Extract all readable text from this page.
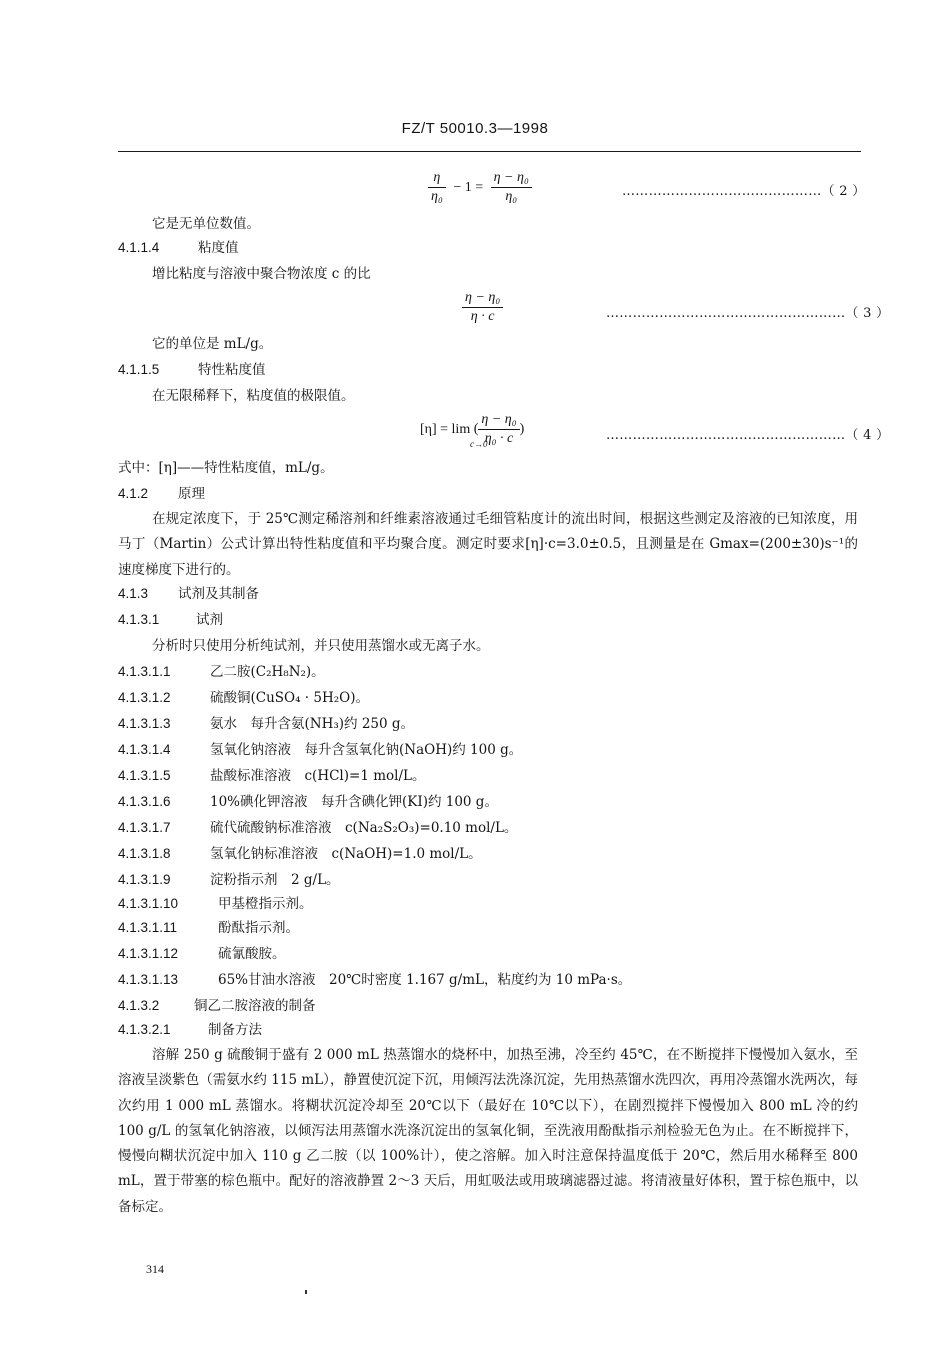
FZ/T 50010.3—1998
$\frac{\eta}{\text{η₀}} - 1 = \frac{\text{η − η₀}}{\text{η₀}}$	………………………………………（ 2 ）
它是无单位数值。
4.1.1.4	粘度值
增比粘度与溶液中聚合物浓度 c 的比
$\frac{\text{η − η₀}}{\eta \cdot c}$	………………………………………………（ 3 ）
它的单位是 mL/g。
4.1.1.5	特性粘度值
在无限稀释下，粘度值的极限值。
[η] = lim
c→0
( $\frac{\text{η − η₀}}{\text{η₀ · c}}$ )	………………………………………………（ 4 ）
式中：[η]——特性粘度值，mL/g。
4.1.2 原理
在规定浓度下，于 25℃测定稀溶剂和纤维素溶液通过毛细管粘度计的流出时间，根据这些测定及溶液的已知浓度，用马丁（Martin）公式计算出特性粘度值和平均聚合度。测定时要求[η]·c=3.0±0.5，且测量是在 Gmax=(200±30)s⁻¹的速度梯度下进行的。
4.1.3 试剂及其制备
4.1.3.1	试剂
分析时只使用分析纯试剂，并只使用蒸馏水或无离子水。
4.1.3.1.1	乙二胺(C₂H₈N₂)。
4.1.3.1.2	硫酸铜(CuSO₄ · 5H₂O)。
4.1.3.1.3	氨水　每升含氨(NH₃)约 250 g。
4.1.3.1.4	氢氧化钠溶液　每升含氢氧化钠(NaOH)约 100 g。
4.1.3.1.5	盐酸标准溶液　c(HCl)=1 mol/L。
4.1.3.1.6	10%碘化钾溶液　每升含碘化钾(KI)约 100 g。
4.1.3.1.7	硫代硫酸钠标准溶液　c(Na₂S₂O₃)=0.10 mol/L。
4.1.3.1.8	氢氧化钠标准溶液　c(NaOH)=1.0 mol/L。
4.1.3.1.9	淀粉指示剂　2 g/L。
4.1.3.1.10	甲基橙指示剂。
4.1.3.1.11	酚酞指示剂。
4.1.3.1.12	硫氰酸胺。
4.1.3.1.13	65%甘油水溶液　20℃时密度 1.167 g/mL，粘度约为 10 mPa·s。
4.1.3.2	铜乙二胺溶液的制备
4.1.3.2.1	制备方法
溶解 250 g 硫酸铜于盛有 2 000 mL 热蒸馏水的烧杯中，加热至沸，冷至约 45℃，在不断搅拌下慢慢加入氨水，至溶液呈淡紫色（需氨水约 115 mL），静置使沉淀下沉，用倾泻法洗涤沉淀，先用热蒸馏水洗四次，再用冷蒸馏水洗两次，每次约用 1 000 mL 蒸馏水。将糊状沉淀冷却至 20℃以下（最好在 10℃以下），在剧烈搅拌下慢慢加入 800 mL 冷的约 100 g/L 的氢氧化钠溶液，以倾泻法用蒸馏水洗涤沉淀出的氢氧化铜，至洗液用酚酞指示剂检验无色为止。在不断搅拌下，慢慢向糊状沉淀中加入 110 g 乙二胺（以 100%计），使之溶解。加入时注意保持温度低于 20℃，然后用水稀释至 800 mL，置于带塞的棕色瓶中。配好的溶液静置 2～3 天后，用虹吸法或用玻璃滤器过滤。将清液量好体积，置于棕色瓶中，以备标定。
314
